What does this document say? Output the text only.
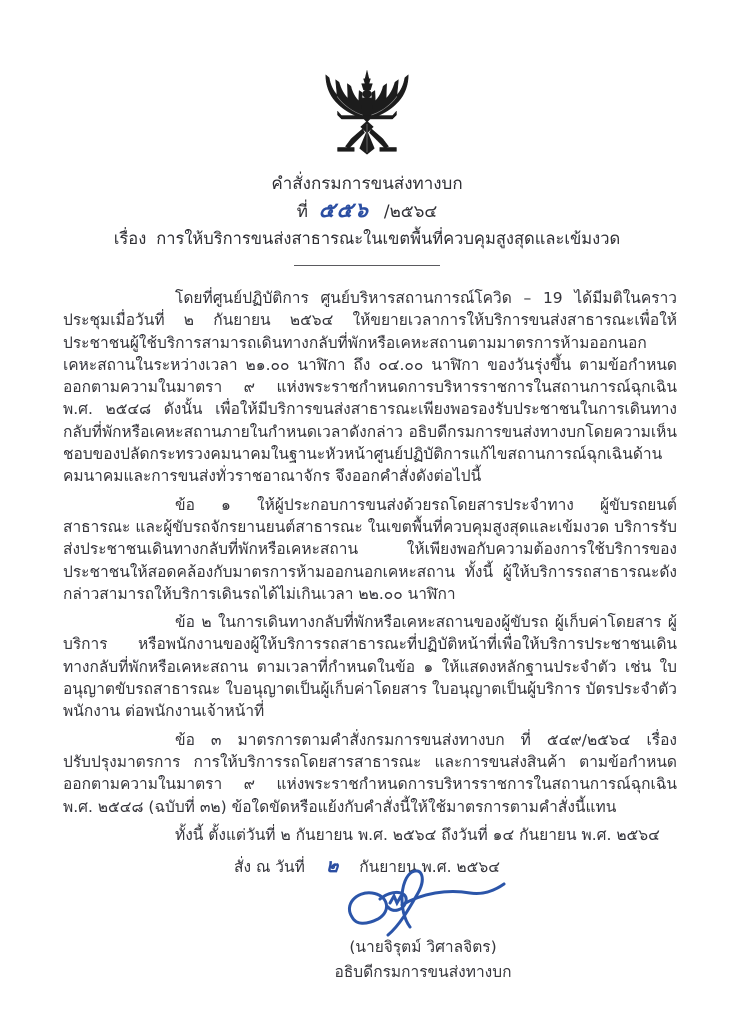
คำสั่งกรมการขนส่งทางบก
ที่ ๕๕๖ /๒๕๖๔
เรื่อง การให้บริการขนส่งสาธารณะในเขตพื้นที่ควบคุมสูงสุดและเข้มงวด

โดยที่ศูนย์ปฏิบัติการ ศูนย์บริหารสถานการณ์โควิด – 19 ได้มีมติในคราวประชุมเมื่อวันที่ ๒ กันยายน ๒๕๖๔ ให้ขยายเวลาการให้บริการขนส่งสาธารณะเพื่อให้ประชาชนผู้ใช้บริการสามารถเดินทางกลับที่พักหรือเคหะสถานตามมาตรการห้ามออกนอกเคหะสถานในระหว่างเวลา ๒๑.๐๐ นาฬิกา ถึง ๐๔.๐๐ นาฬิกา ของวันรุ่งขึ้น ตามข้อกำหนดออกตามความในมาตรา ๙ แห่งพระราชกำหนดการบริหารราชการในสถานการณ์ฉุกเฉิน พ.ศ. ๒๕๔๘ ดังนั้น เพื่อให้มีบริการขนส่งสาธารณะเพียงพอรองรับประชาชนในการเดินทางกลับที่พักหรือเคหะสถานภายในกำหนดเวลาดังกล่าว อธิบดีกรมการขนส่งทางบกโดยความเห็นชอบของปลัดกระทรวงคมนาคมในฐานะหัวหน้าศูนย์ปฏิบัติการแก้ไขสถานการณ์ฉุกเฉินด้านคมนาคมและการขนส่งทั่วราชอาณาจักร จึงออกคำสั่งดังต่อไปนี้

ข้อ ๑ ให้ผู้ประกอบการขนส่งด้วยรถโดยสารประจำทาง ผู้ขับรถยนต์สาธารณะ และผู้ขับรถจักรยานยนต์สาธารณะ ในเขตพื้นที่ควบคุมสูงสุดและเข้มงวด บริการรับส่งประชาชนเดินทางกลับที่พักหรือเคหะสถาน ให้เพียงพอกับความต้องการใช้บริการของประชาชนให้สอดคล้องกับมาตรการห้ามออกนอกเคหะสถาน ทั้งนี้ ผู้ให้บริการรถสาธารณะดังกล่าวสามารถให้บริการเดินรถได้ไม่เกินเวลา ๒๒.๐๐ นาฬิกา

ข้อ ๒ ในการเดินทางกลับที่พักหรือเคหะสถานของผู้ขับรถ ผู้เก็บค่าโดยสาร ผู้บริการ หรือพนักงานของผู้ให้บริการรถสาธารณะที่ปฏิบัติหน้าที่เพื่อให้บริการประชาชนเดินทางกลับที่พักหรือเคหะสถาน ตามเวลาที่กำหนดในข้อ ๑ ให้แสดงหลักฐานประจำตัว เช่น ใบอนุญาตขับรถสาธารณะ ใบอนุญาตเป็นผู้เก็บค่าโดยสาร ใบอนุญาตเป็นผู้บริการ บัตรประจำตัวพนักงาน ต่อพนักงานเจ้าหน้าที่

ข้อ ๓ มาตรการตามคำสั่งกรมการขนส่งทางบก ที่ ๕๔๙/๒๕๖๔ เรื่อง ปรับปรุงมาตรการ การให้บริการรถโดยสารสาธารณะ และการขนส่งสินค้า ตามข้อกำหนดออกตามความในมาตรา ๙ แห่งพระราชกำหนดการบริหารราชการในสถานการณ์ฉุกเฉิน พ.ศ. ๒๕๔๘ (ฉบับที่ ๓๒) ข้อใดขัดหรือแย้งกับคำสั่งนี้ให้ใช้มาตรการตามคำสั่งนี้แทน

ทั้งนี้ ตั้งแต่วันที่ ๒ กันยายน พ.ศ. ๒๕๖๔ ถึงวันที่ ๑๔ กันยายน พ.ศ. ๒๕๖๔

สั่ง ณ วันที่ ๒ กันยายน พ.ศ. ๒๕๖๔
(นายจิรุตม์ วิศาลจิตร)
อธิบดีกรมการขนส่งทางบก
